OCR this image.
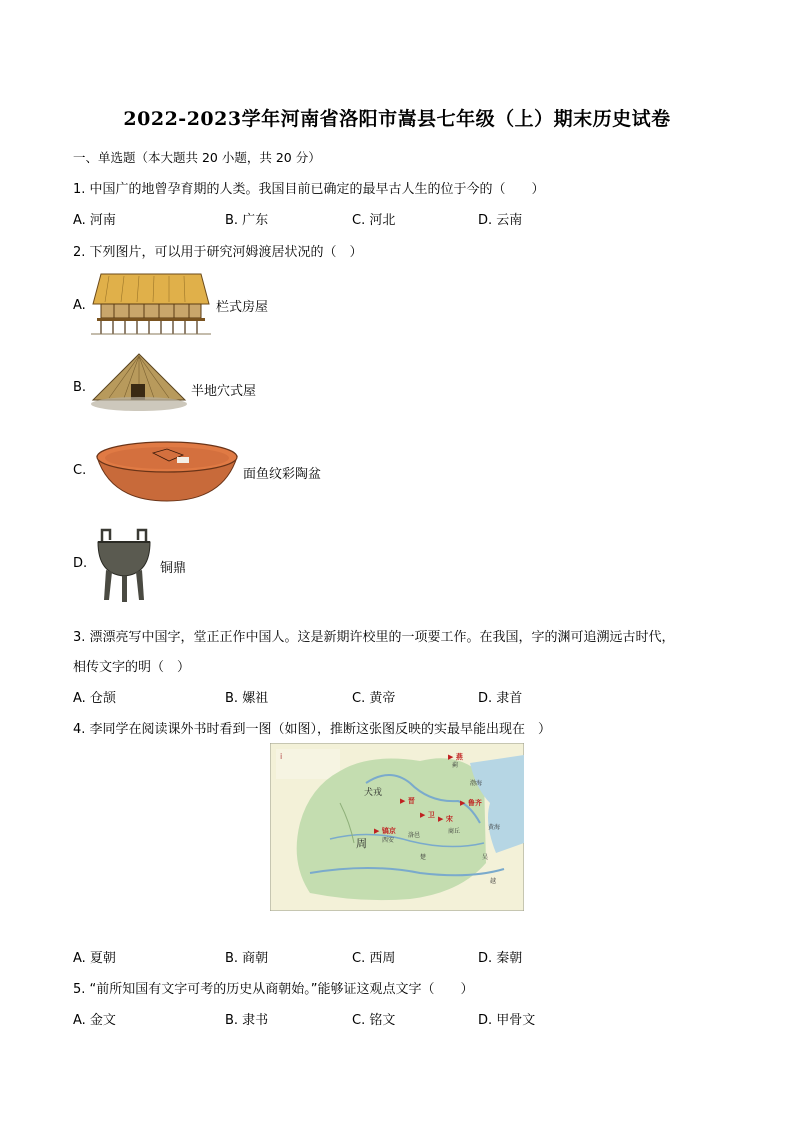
2022-2023学年河南省洛阳市嵩县七年级（上）期末历史试卷
一、单选题（本大题共 20 小题，共 20 分）
1. 中国广的地曾孕育期的人类。我国目前已确定的最早古人生的位于今的（　　）
A. 河南	B. 广东	C. 河北	D. 云南
2. 下列图片，可以用于研究河姆渡居状况的（　）
A.	栏式房屋
B.	半地穴式屋
C.	面鱼纹彩陶盆
D.	铜鼎
3. 漂漂亮写中国字，堂正正作中国人。这是新期许校里的一项要工作。在我国，字的渊可追溯远古时代，
相传文字的明（　）
A. 仓颉	B. 嫘祖	C. 黄帝	D. 隶首
4. 李同学在阅读课外书时看到一图（如图），推断这张图反映的实最早能出现在　）
i	▶ 燕
▶ 晋
▶ 卫
▶ 鲁齐
▶ 宋
▶ 镐京
蓟
西安
洛邑
商丘
渤海
黄海
楚	吴
越
犬戎
周
A. 夏朝	B. 商朝	C. 西周	D. 秦朝
5. “前所知国有文字可考的历史从商朝始。”能够证这观点文字（　　）
A. 金文	B. 隶书	C. 铭文	D. 甲骨文
